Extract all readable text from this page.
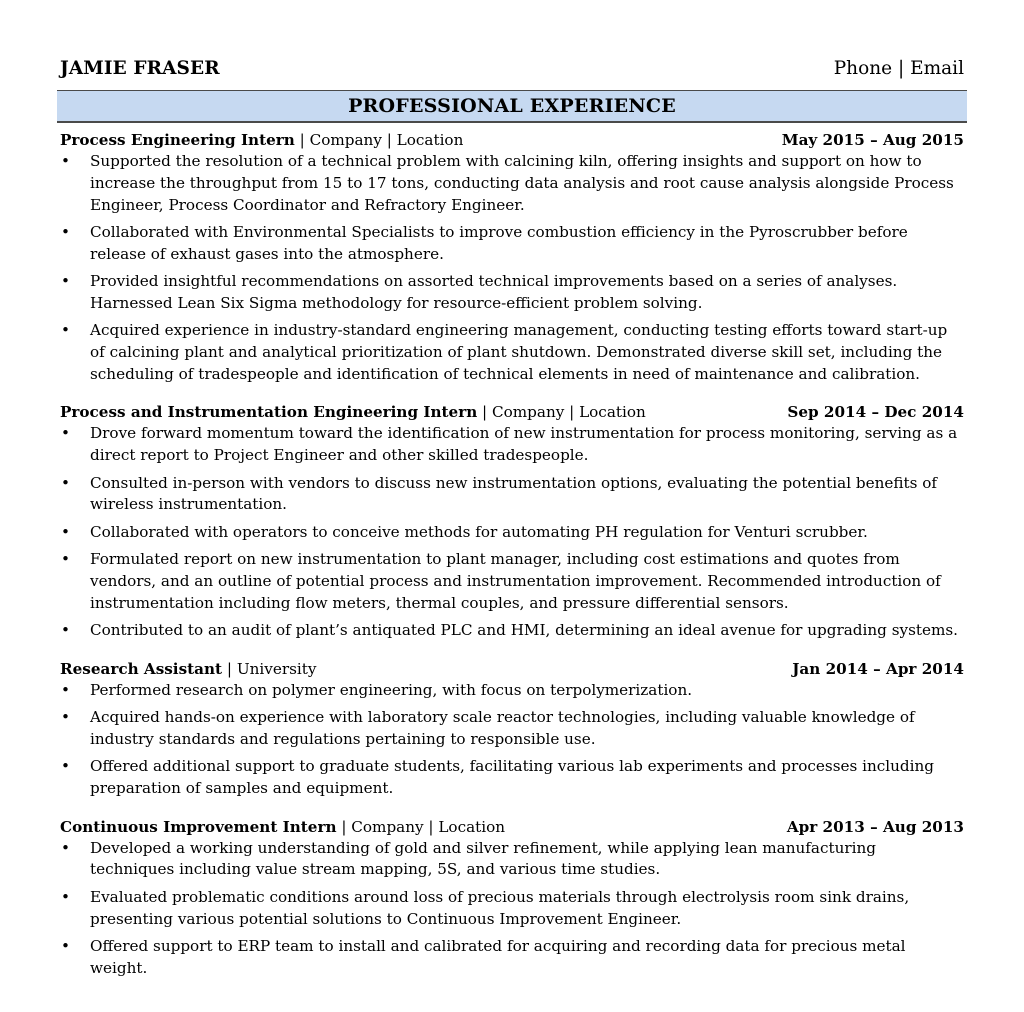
JAMIE FRASER	Phone | Email
PROFESSIONAL EXPERIENCE
Process Engineering Intern | Company | Location	May 2015 – Aug 2015
• Supported the resolution of a technical problem with calcining kiln, offering insights and support on how to increase the throughput from 15 to 17 tons, conducting data analysis and root cause analysis alongside Process Engineer, Process Coordinator and Refractory Engineer.
• Collaborated with Environmental Specialists to improve combustion efficiency in the Pyroscrubber before release of exhaust gases into the atmosphere.
• Provided insightful recommendations on assorted technical improvements based on a series of analyses. Harnessed Lean Six Sigma methodology for resource-efficient problem solving.
• Acquired experience in industry-standard engineering management, conducting testing efforts toward start-up of calcining plant and analytical prioritization of plant shutdown. Demonstrated diverse skill set, including the scheduling of tradespeople and identification of technical elements in need of maintenance and calibration.
Process and Instrumentation Engineering Intern | Company | Location	Sep 2014 – Dec 2014
• Drove forward momentum toward the identification of new instrumentation for process monitoring, serving as a direct report to Project Engineer and other skilled tradespeople.
• Consulted in-person with vendors to discuss new instrumentation options, evaluating the potential benefits of wireless instrumentation.
• Collaborated with operators to conceive methods for automating PH regulation for Venturi scrubber.
• Formulated report on new instrumentation to plant manager, including cost estimations and quotes from vendors, and an outline of potential process and instrumentation improvement. Recommended introduction of instrumentation including flow meters, thermal couples, and pressure differential sensors.
• Contributed to an audit of plant’s antiquated PLC and HMI, determining an ideal avenue for upgrading systems.
Research Assistant | University	Jan 2014 – Apr 2014
• Performed research on polymer engineering, with focus on terpolymerization.
• Acquired hands-on experience with laboratory scale reactor technologies, including valuable knowledge of industry standards and regulations pertaining to responsible use.
• Offered additional support to graduate students, facilitating various lab experiments and processes including preparation of samples and equipment.
Continuous Improvement Intern | Company | Location	Apr 2013 – Aug 2013
• Developed a working understanding of gold and silver refinement, while applying lean manufacturing techniques including value stream mapping, 5S, and various time studies.
• Evaluated problematic conditions around loss of precious materials through electrolysis room sink drains, presenting various potential solutions to Continuous Improvement Engineer.
• Offered support to ERP team to install and calibrated for acquiring and recording data for precious metal weight.
